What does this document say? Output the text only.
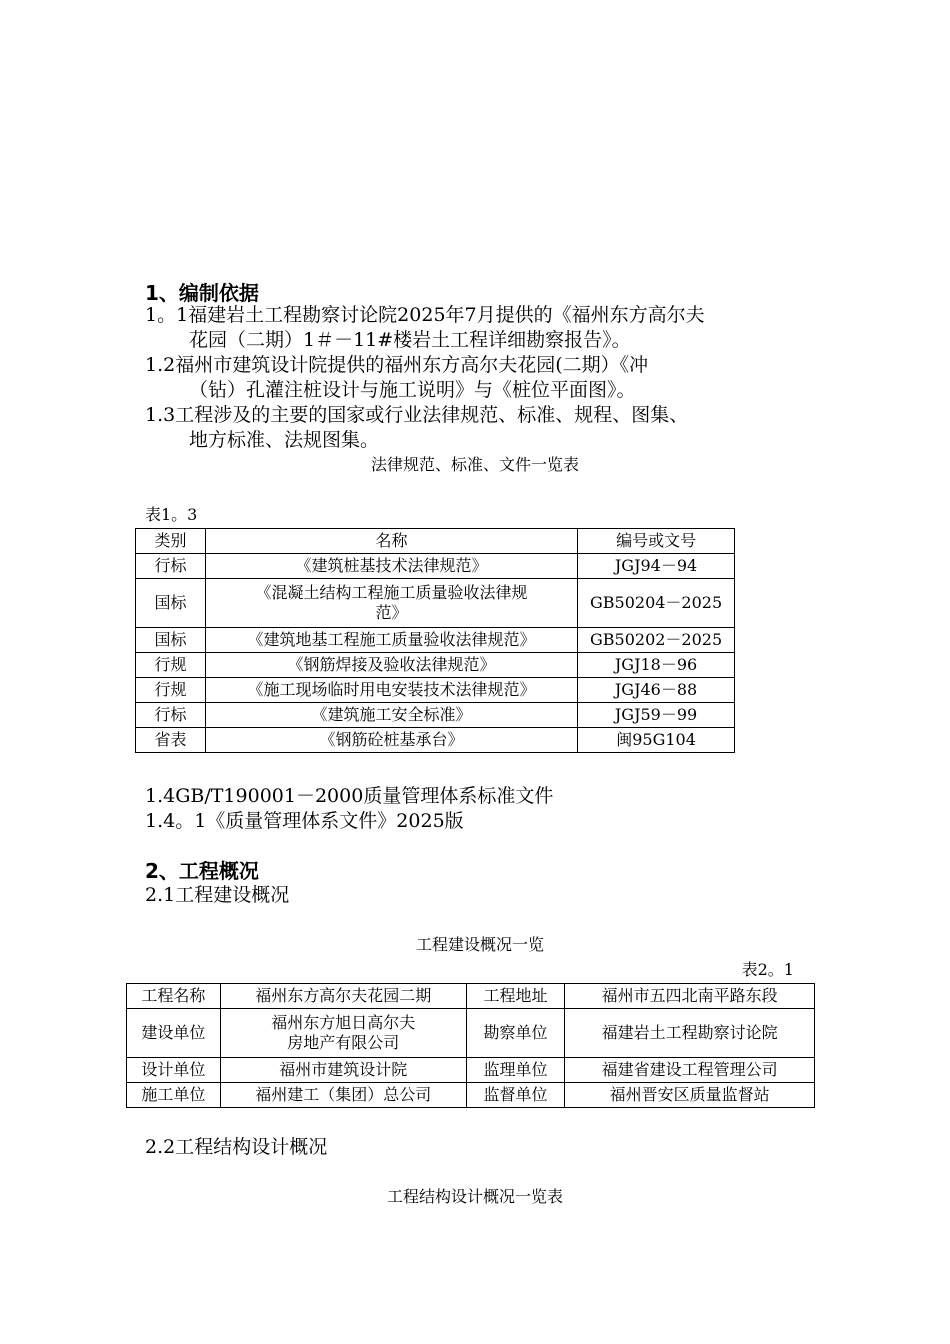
1、编制依据
1。1福建岩土工程勘察讨论院2025年7月提供的《福州东方高尔夫
花园（二期）1＃－11#楼岩土工程详细勘察报告》。
1.2福州市建筑设计院提供的福州东方高尔夫花园(二期）《冲
（钻）孔灌注桩设计与施工说明》与《桩位平面图》。
1.3工程涉及的主要的国家或行业法律规范、标准、规程、图集、
地方标准、法规图集。
法律规范、标准、文件一览表
表1。3
类别	名称	编号或文号
行标	《建筑桩基技术法律规范》	JGJ94－94
国标	《混凝土结构工程施工质量验收法律规
范》	GB50204－2025
国标	《建筑地基工程施工质量验收法律规范》	GB50202－2025
行规	《钢筋焊接及验收法律规范》	JGJ18－96
行规	《施工现场临时用电安装技术法律规范》	JGJ46－88
行标	《建筑施工安全标准》	JGJ59－99
省表	《钢筋砼桩基承台》	闽95G104
1.4GB/T190001－2000质量管理体系标准文件
1.4。1《质量管理体系文件》2025版
2、工程概况
2.1工程建设概况
工程建设概况一览
表2。1
工程名称	福州东方高尔夫花园二期	工程地址	福州市五四北南平路东段
建设单位	福州东方旭日高尔夫
房地产有限公司	勘察单位	福建岩土工程勘察讨论院
设计单位	福州市建筑设计院	监理单位	福建省建设工程管理公司
施工单位	福州建工（集团）总公司	监督单位	福州晋安区质量监督站
2.2工程结构设计概况
工程结构设计概况一览表
